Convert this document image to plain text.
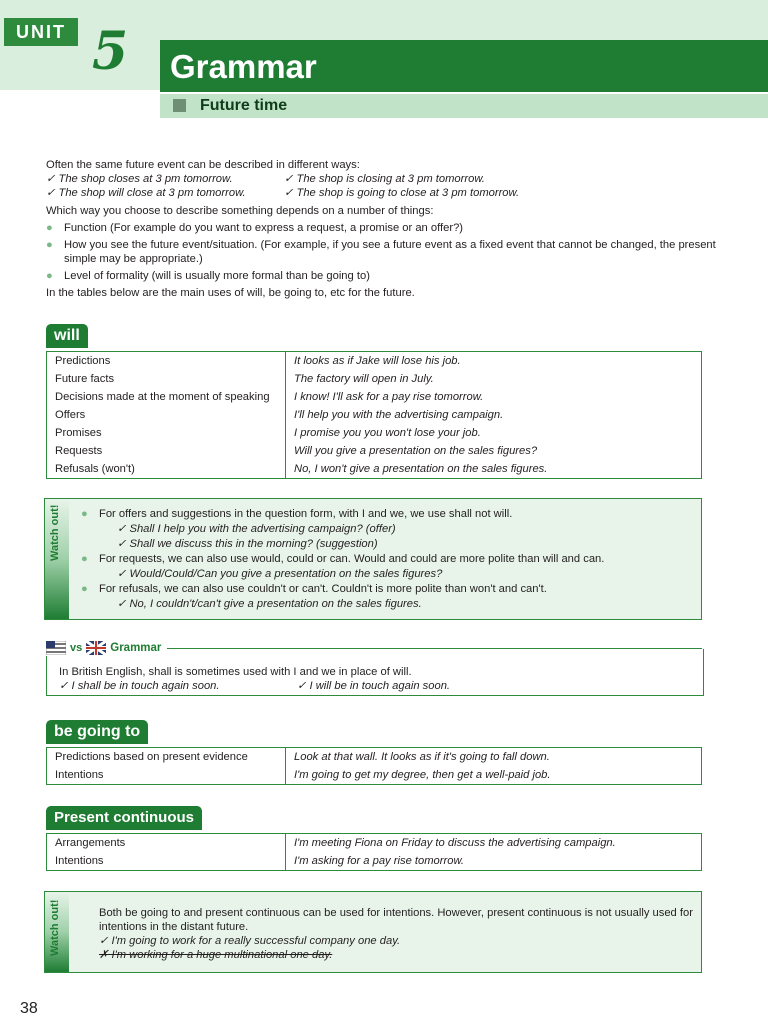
UNIT 5 Grammar
Future time

Often the same future event can be described in different ways:

✓ The shop closes at 3 pm tomorrow.	✓ The shop is closing at 3 pm tomorrow.
✓ The shop will close at 3 pm tomorrow.	✓ The shop is going to close at 3 pm tomorrow.

Which way you choose to describe something depends on a number of things:

●	Function (For example do you want to express a request, a promise or an offer?)
●	How you see the future event/situation. (For example, if you see a future event as a fixed event that cannot be changed, the present simple may be appropriate.)
●	Level of formality (will is usually more formal than be going to)

In the tables below are the main uses of will, be going to, etc for the future.

will
Predictions	It looks as if Jake will lose his job.
Future facts	The factory will open in July.
Decisions made at the moment of speaking	I know! I'll ask for a pay rise tomorrow.
Offers	I'll help you with the advertising campaign.
Promises	I promise you you won't lose your job.
Requests	Will you give a presentation on the sales figures?
Refusals (won't)	No, I won't give a presentation on the sales figures.
Watch out! ●	For offers and suggestions in the question form, with I and we, we use shall not will.

✓ Shall I help you with the advertising campaign? (offer)

✓ Shall we discuss this in the morning? (suggestion)

●	For requests, we can also use would, could or can. Would and could are more polite than will and can.

✓ Would/Could/Can you give a presentation on the sales figures?

●	For refusals, we can also use couldn't or can't. Couldn't is more polite than won't and can't.

✓ No, I couldn't/can't give a presentation on the sales figures.

In British English, shall is sometimes used with I and we in place of will.
✓ I shall be in touch again soon.	✓ I will be in touch again soon.
vs Grammar
be going to
Predictions based on present evidence	Look at that wall. It looks as if it's going to fall down.
Intentions	I'm going to get my degree, then get a well-paid job.
Present continuous
Arrangements	I'm meeting Fiona on Friday to discuss the advertising campaign.
Intentions	I'm asking for a pay rise tomorrow.
Watch out!	Both be going to and present continuous can be used for intentions. However, present continuous is not usually used for intentions in the distant future.

✓ I'm going to work for a really successful company one day.

✗ I'm working for a huge multinational one day.

38
